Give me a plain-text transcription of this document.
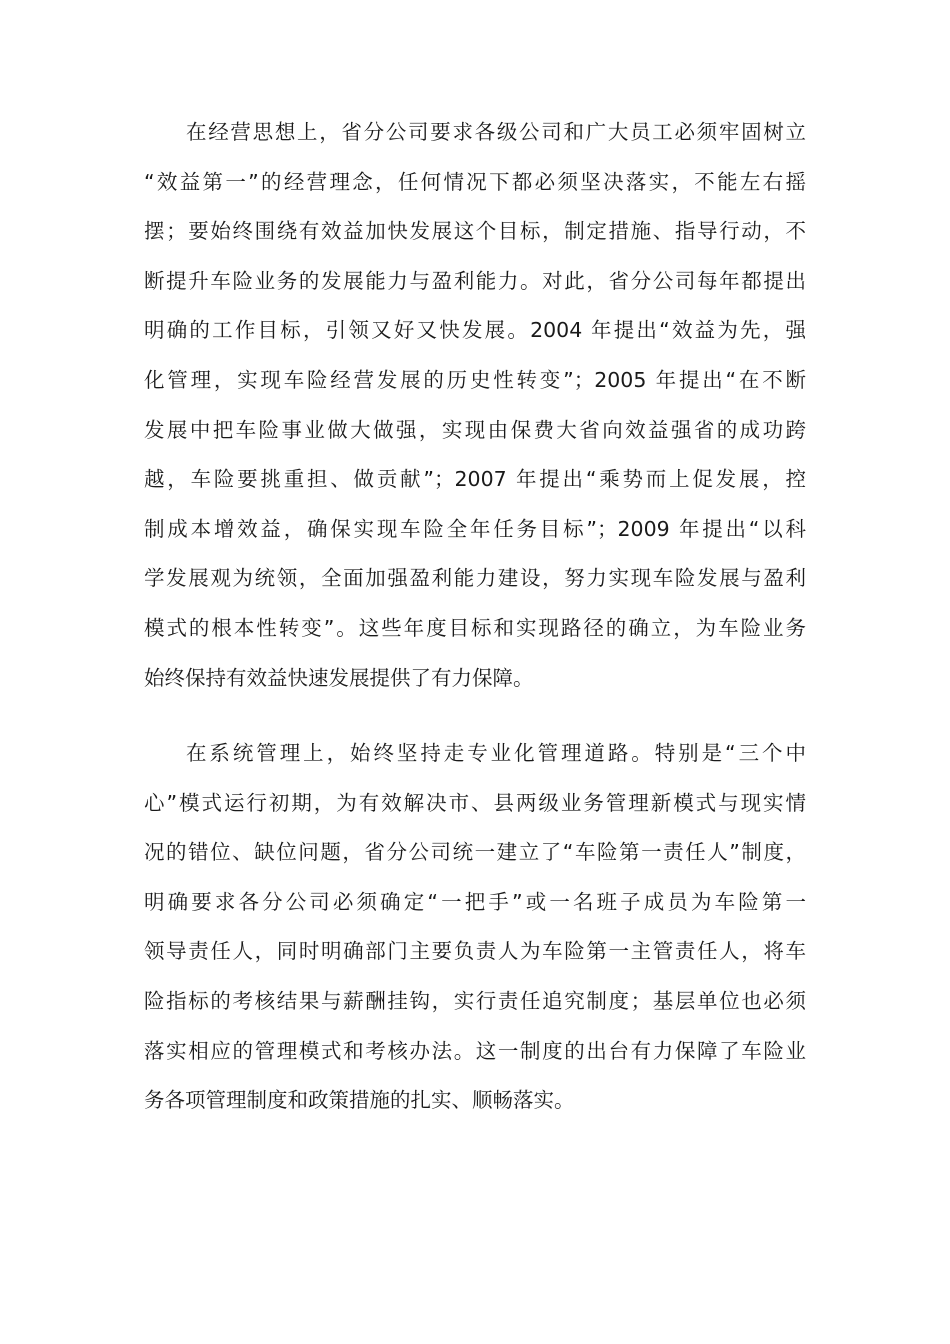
在经营思想上，省分公司要求各级公司和广大员工必须牢固树立
“效益第一”的经营理念，任何情况下都必须坚决落实，不能左右摇
摆；要始终围绕有效益加快发展这个目标，制定措施、指导行动，不
断提升车险业务的发展能力与盈利能力。对此，省分公司每年都提出
明确的工作目标，引领又好又快发展。2004 年提出“效益为先，强
化管理，实现车险经营发展的历史性转变”；2005 年提出“在不断
发展中把车险事业做大做强，实现由保费大省向效益强省的成功跨
越，车险要挑重担、做贡献”；2007 年提出“乘势而上促发展，控
制成本增效益，确保实现车险全年任务目标”；2009 年提出“以科
学发展观为统领，全面加强盈利能力建设，努力实现车险发展与盈利
模式的根本性转变”。这些年度目标和实现路径的确立，为车险业务
始终保持有效益快速发展提供了有力保障。
在系统管理上，始终坚持走专业化管理道路。特别是“三个中
心”模式运行初期，为有效解决市、县两级业务管理新模式与现实情
况的错位、缺位问题，省分公司统一建立了“车险第一责任人”制度，
明确要求各分公司必须确定“一把手”或一名班子成员为车险第一
领导责任人，同时明确部门主要负责人为车险第一主管责任人，将车
险指标的考核结果与薪酬挂钩，实行责任追究制度；基层单位也必须
落实相应的管理模式和考核办法。这一制度的出台有力保障了车险业
务各项管理制度和政策措施的扎实、顺畅落实。
